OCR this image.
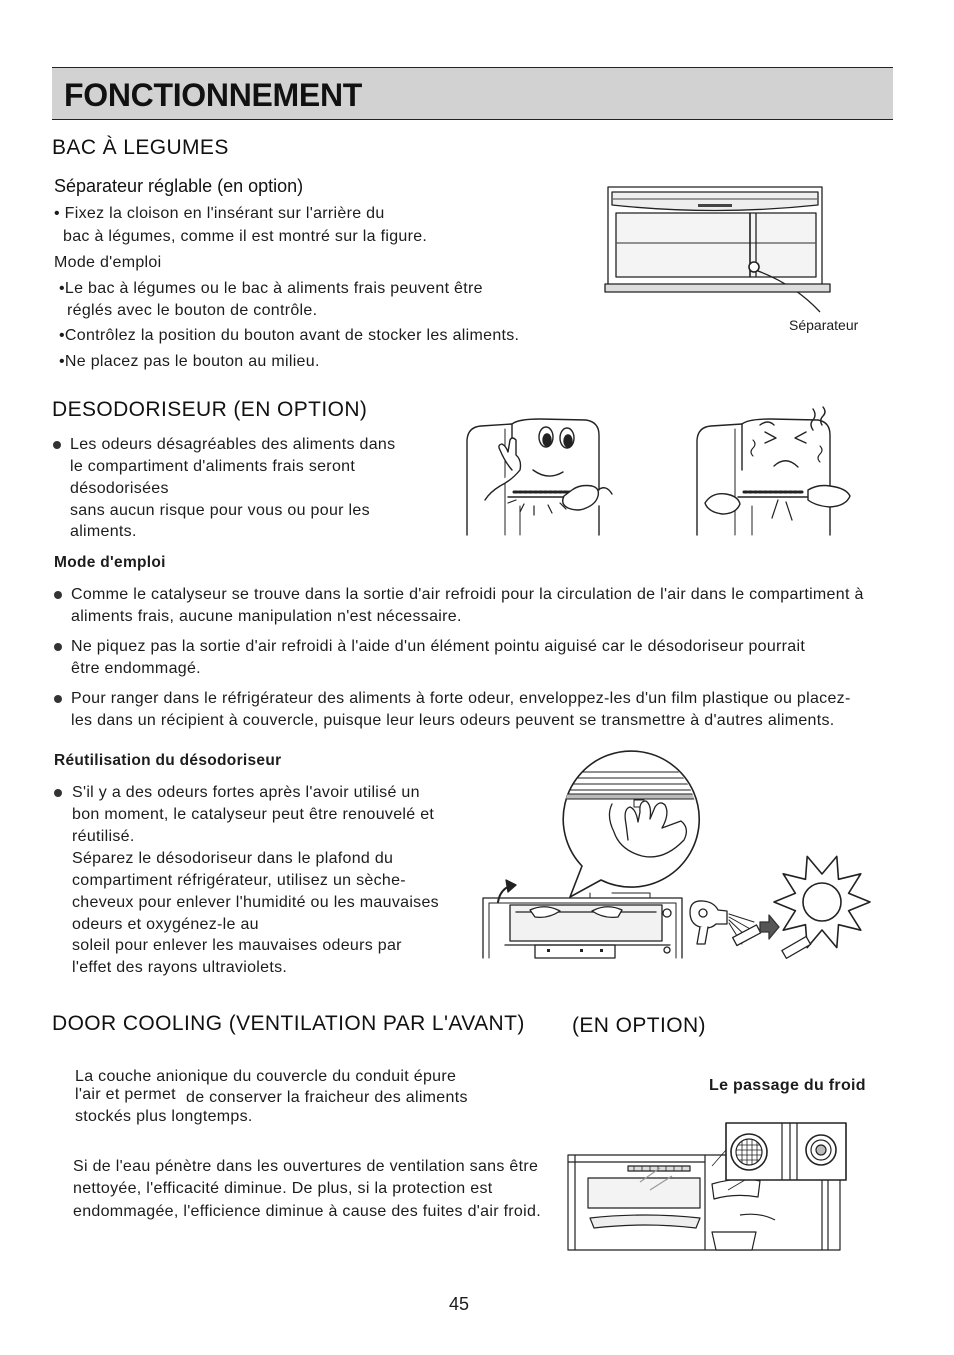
FONCTIONNEMENT
BAC À LEGUMES
Séparateur réglable (en option)
• Fixez la cloison en l'insérant sur l'arrière du
bac à légumes, comme il est montré sur la figure.
Mode d'emploi
•Le bac à légumes ou le bac à aliments frais peuvent être
réglés avec le bouton de contrôle.
•Contrôlez la position du bouton avant de stocker les aliments.
•Ne placez pas le bouton au milieu.
Séparateur
DESODORISEUR (EN OPTION)
Les odeurs désagréables des aliments dans
le compartiment d'aliments frais seront
désodorisées
sans aucun risque pour vous ou pour les
aliments.
Mode d'emploi
Comme le catalyseur se trouve dans la sortie d'air refroidi pour la circulation de l'air dans le compartiment à
aliments frais, aucune manipulation n'est nécessaire.
Ne piquez pas la sortie d'air refroidi à l'aide d'un élément pointu aiguisé car le désodoriseur pourrait
être endommagé.
Pour ranger dans le réfrigérateur des aliments à forte odeur, enveloppez-les d'un film plastique ou placez-
les dans un récipient à couvercle, puisque leur leurs odeurs peuvent se transmettre à d'autres aliments.
Réutilisation du désodoriseur
S'il y a des odeurs fortes après l'avoir utilisé un
bon moment, le catalyseur peut être renouvelé et
réutilisé.
Séparez le désodoriseur dans le plafond du
compartiment réfrigérateur, utilisez un sèche-
cheveux pour enlever l'humidité ou les mauvaises
odeurs et oxygénez-le au
soleil pour enlever les mauvaises odeurs par
l'effet des rayons ultraviolets.
DOOR COOLING (VENTILATION PAR L'AVANT) (EN OPTION)
La couche anionique du couvercle du conduit épure
l'air et permet de conserver la fraicheur des aliments
stockés plus longtemps.
Si de l'eau pénètre dans les ouvertures de ventilation sans être
nettoyée, l'efficacité diminue. De plus, si la protection est
endommagée, l'efficience diminue à cause des fuites d'air froid.
Le passage du froid
45
